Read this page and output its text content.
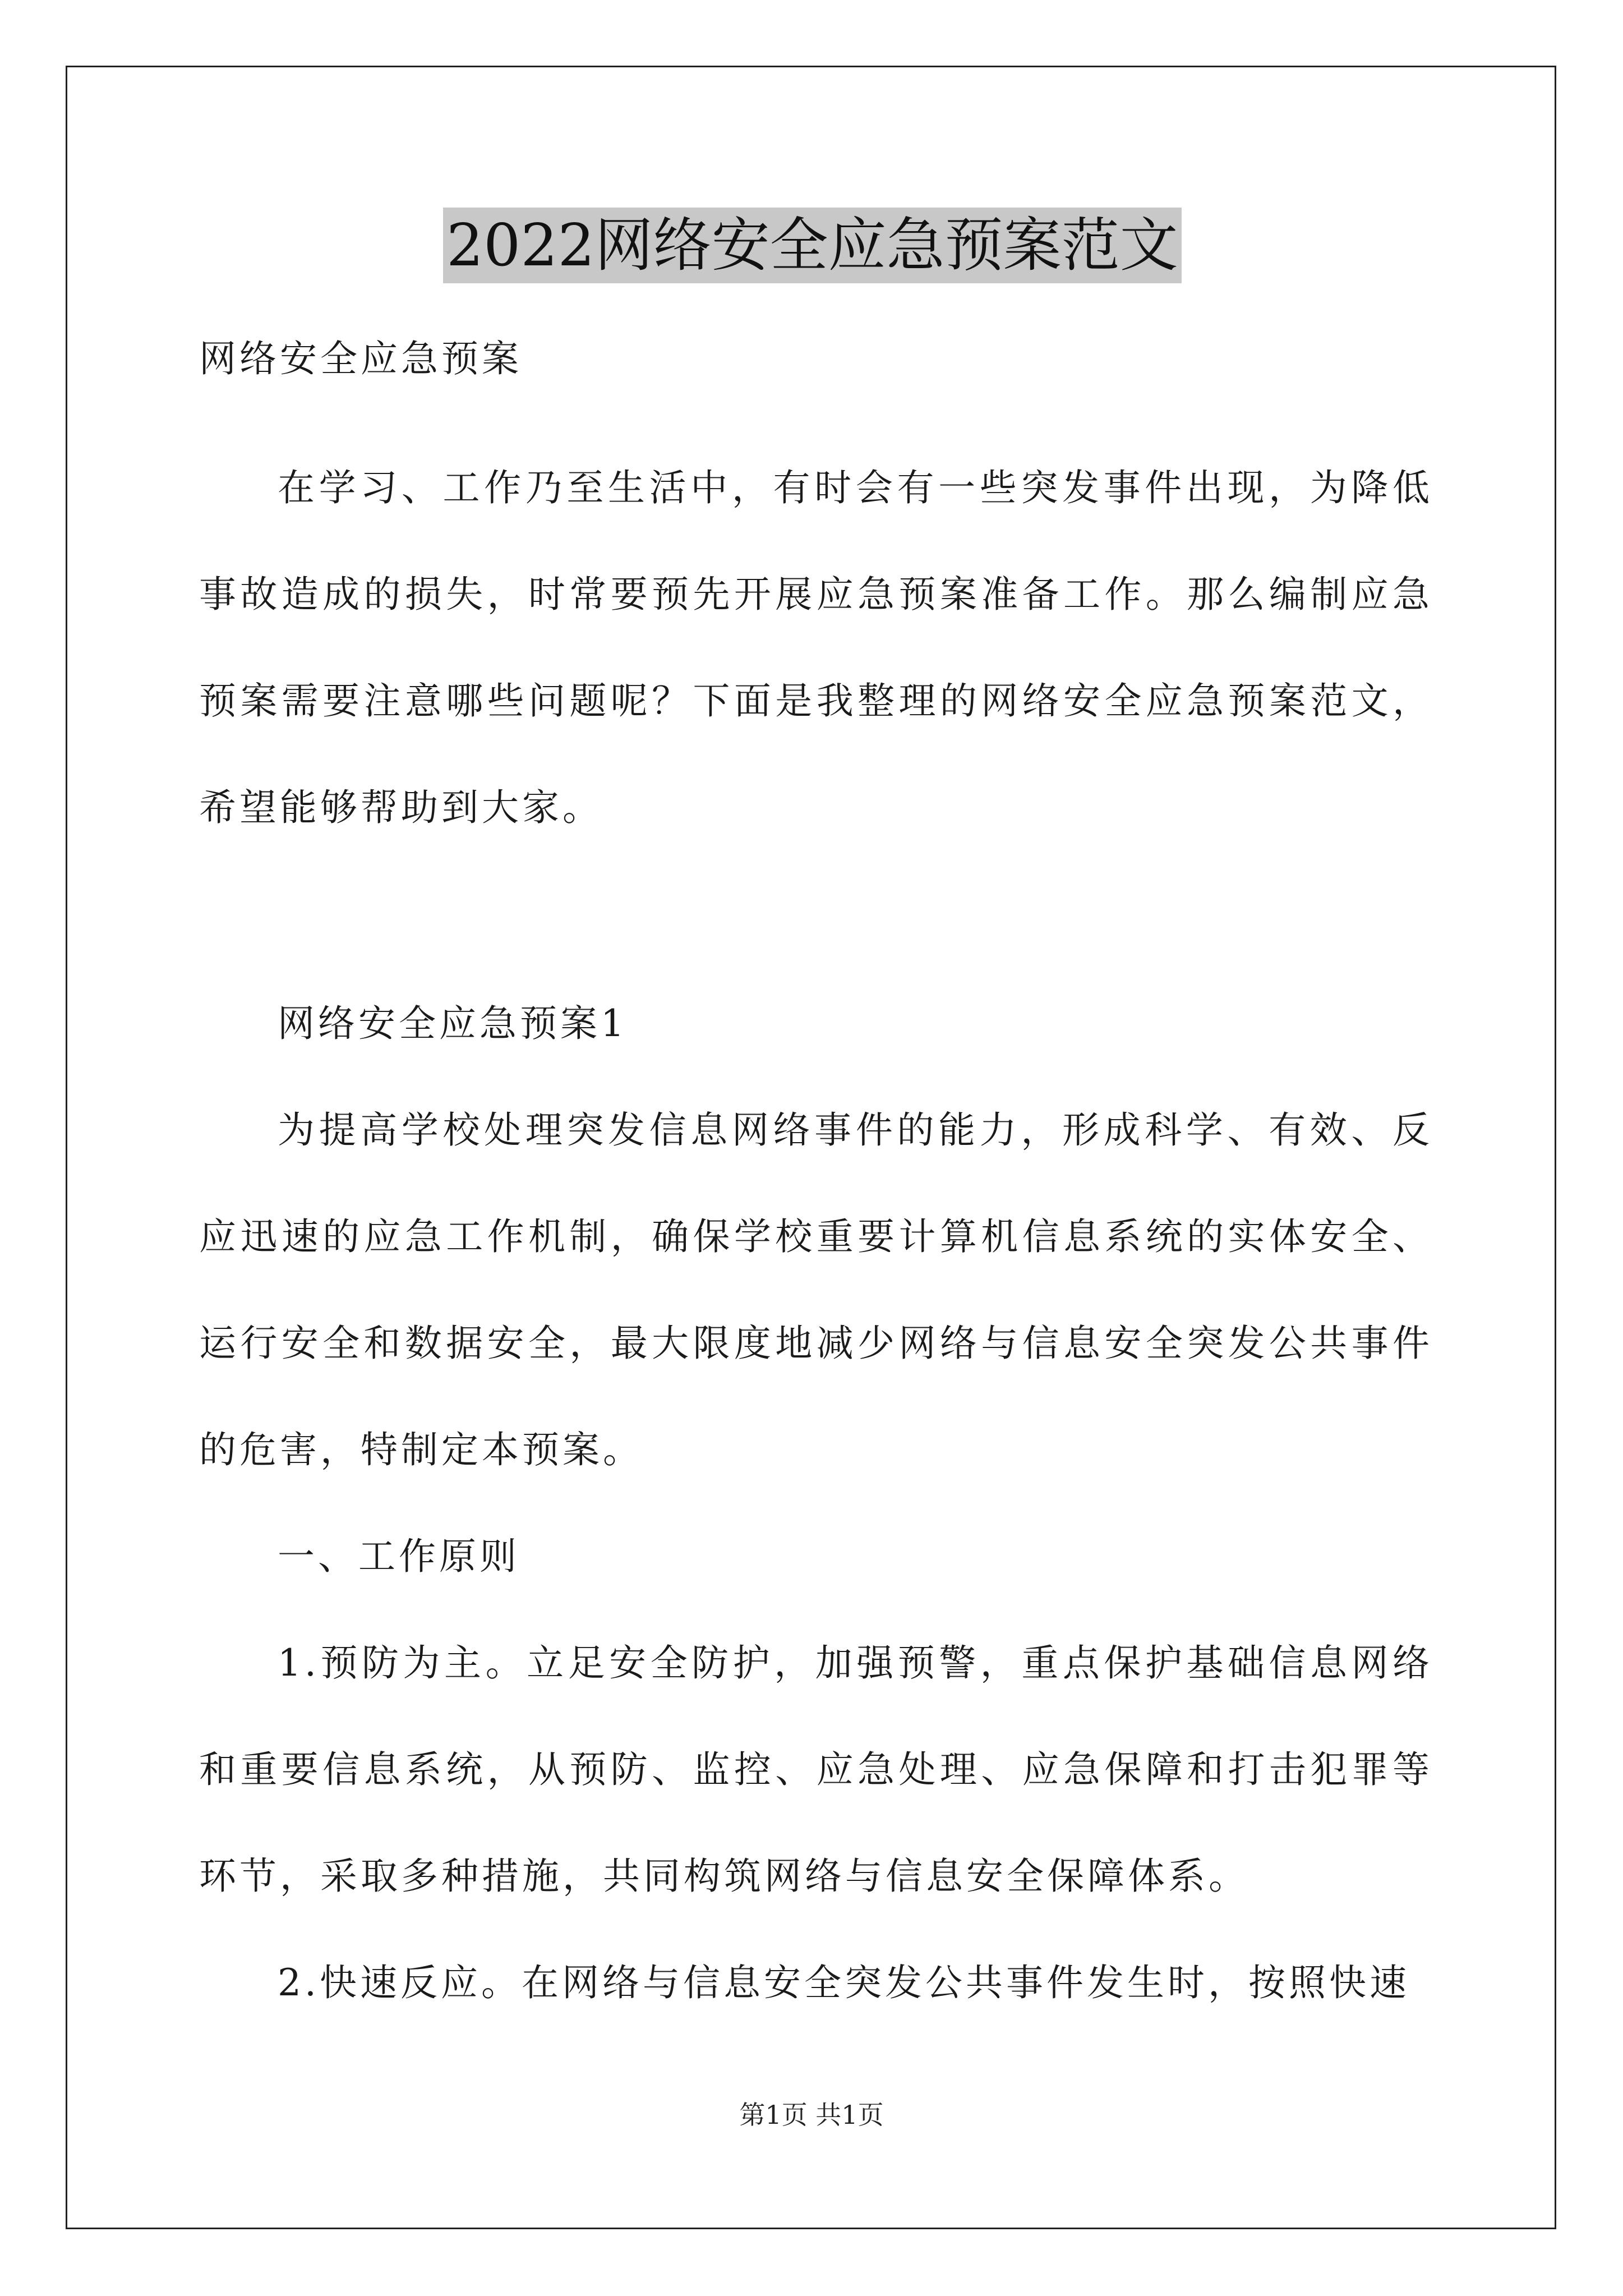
2022网络安全应急预案范文

网络安全应急预案

在学习、工作乃至生活中，有时会有一些突发事件出现，为降低事故造成的损失，时常要预先开展应急预案准备工作。那么编制应急预案需要注意哪些问题呢？下面是我整理的网络安全应急预案范文，希望能够帮助到大家。

网络安全应急预案1

为提高学校处理突发信息网络事件的能力，形成科学、有效、反应迅速的应急工作机制，确保学校重要计算机信息系统的实体安全、运行安全和数据安全，最大限度地减少网络与信息安全突发公共事件的危害，特制定本预案。

一、工作原则

1.预防为主。立足安全防护，加强预警，重点保护基础信息网络和重要信息系统，从预防、监控、应急处理、应急保障和打击犯罪等环节，采取多种措施，共同构筑网络与信息安全保障体系。

2.快速反应。在网络与信息安全突发公共事件发生时，按照快速

第1页 共1页
